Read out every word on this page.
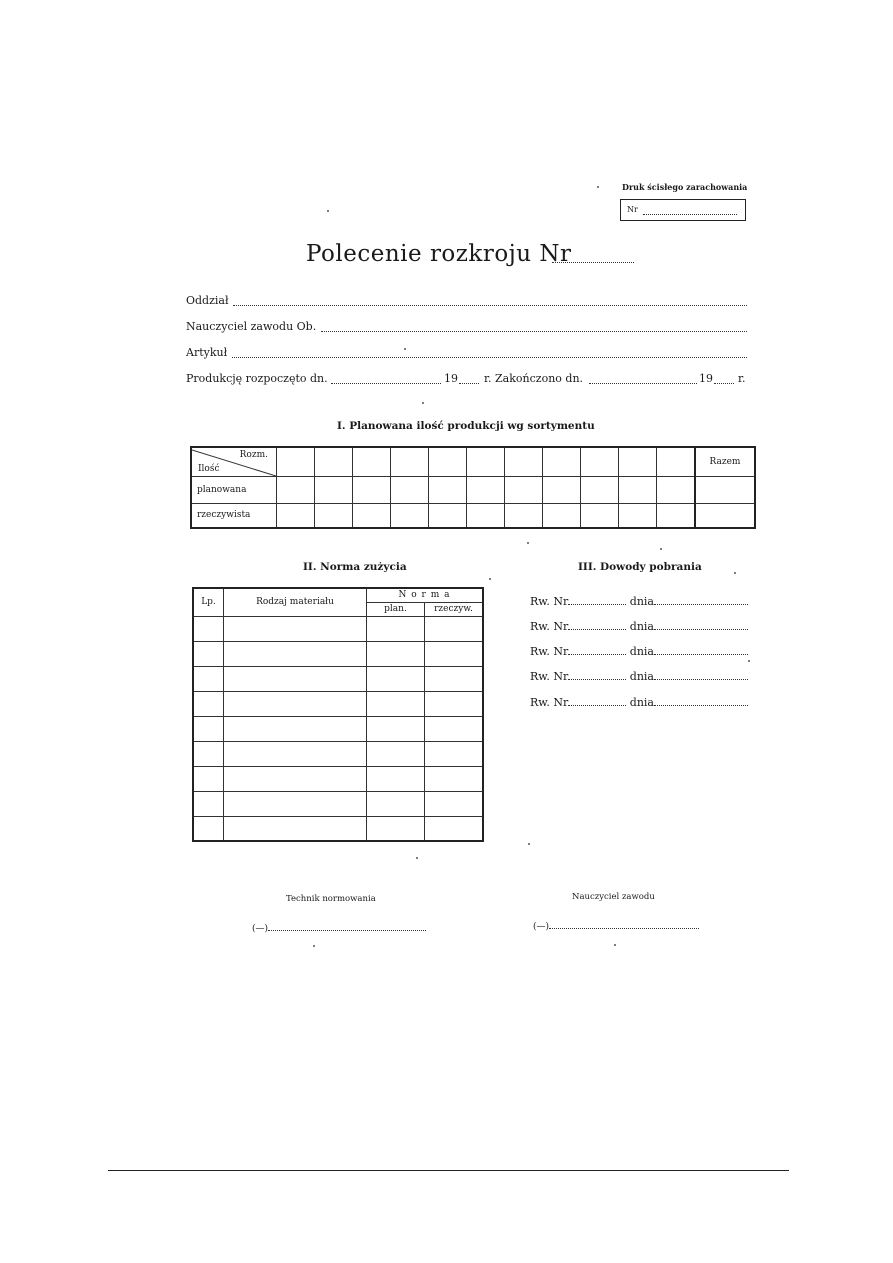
Druk ścisłego zarachowania
Nr
Polecenie rozkroju Nr
Oddział
Nauczyciel zawodu Ob.
Artykuł
Produkcję rozpoczęto dn.	19 r. Zakończono dn.	19 r.
I. Planowana ilość produkcji wg sortymentu
Rozm.
Ilość												Razem
planowana												
rzeczywista												
II. Norma zużycia
Lp.	Rodzaj materiału	N o r m a	
		plan.	rzeczyw.

III. Dowody pobrania
Rw. Nr	dnia
Rw. Nr	dnia
Rw. Nr	dnia
Rw. Nr	dnia
Rw. Nr	dnia
Technik normowania
(—)
Nauczyciel zawodu
(—)
